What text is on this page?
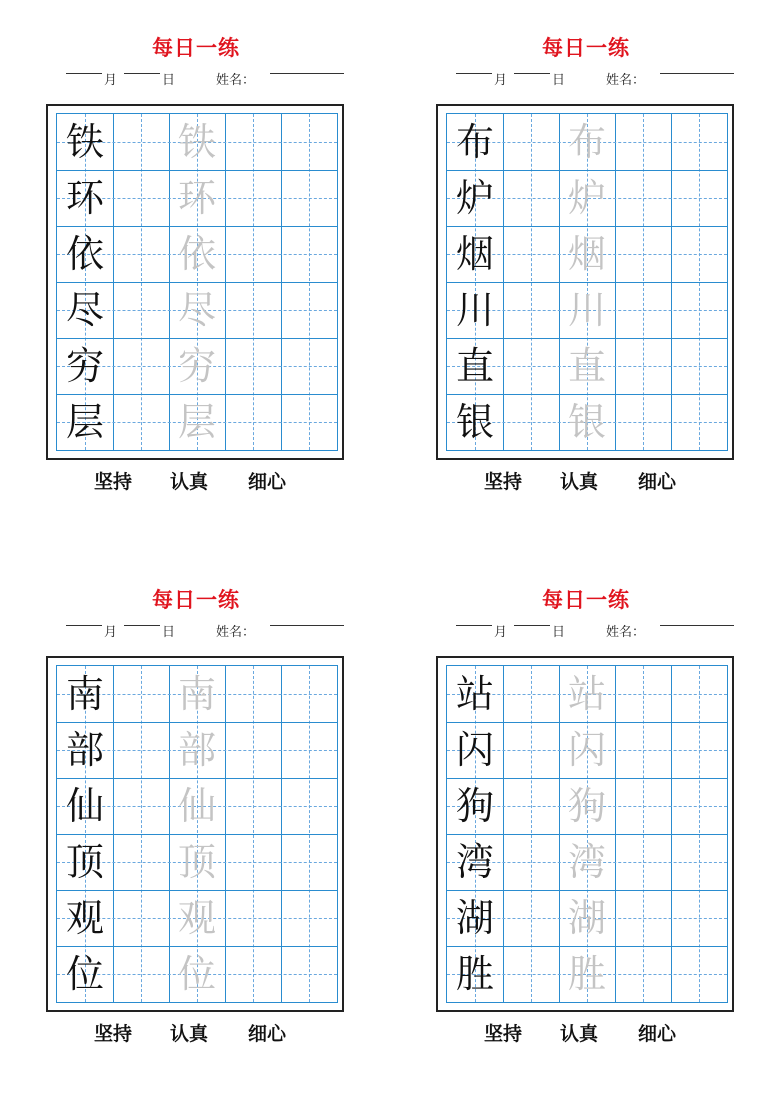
每日一练
月	日	姓名：
铁 铁
环 环
依 依
尽 尽
穷 穷
层 层
坚持 认真 细心
每日一练
月	日	姓名：
布 布
炉 炉
烟 烟
川 川
直 直
银 银
坚持 认真 细心
每日一练
月	日	姓名：
南 南
部 部
仙 仙
顶 顶
观 观
位 位
坚持 认真 细心
每日一练
月	日	姓名：
站 站
闪 闪
狗 狗
湾 湾
湖 湖
胜 胜
坚持 认真 细心
